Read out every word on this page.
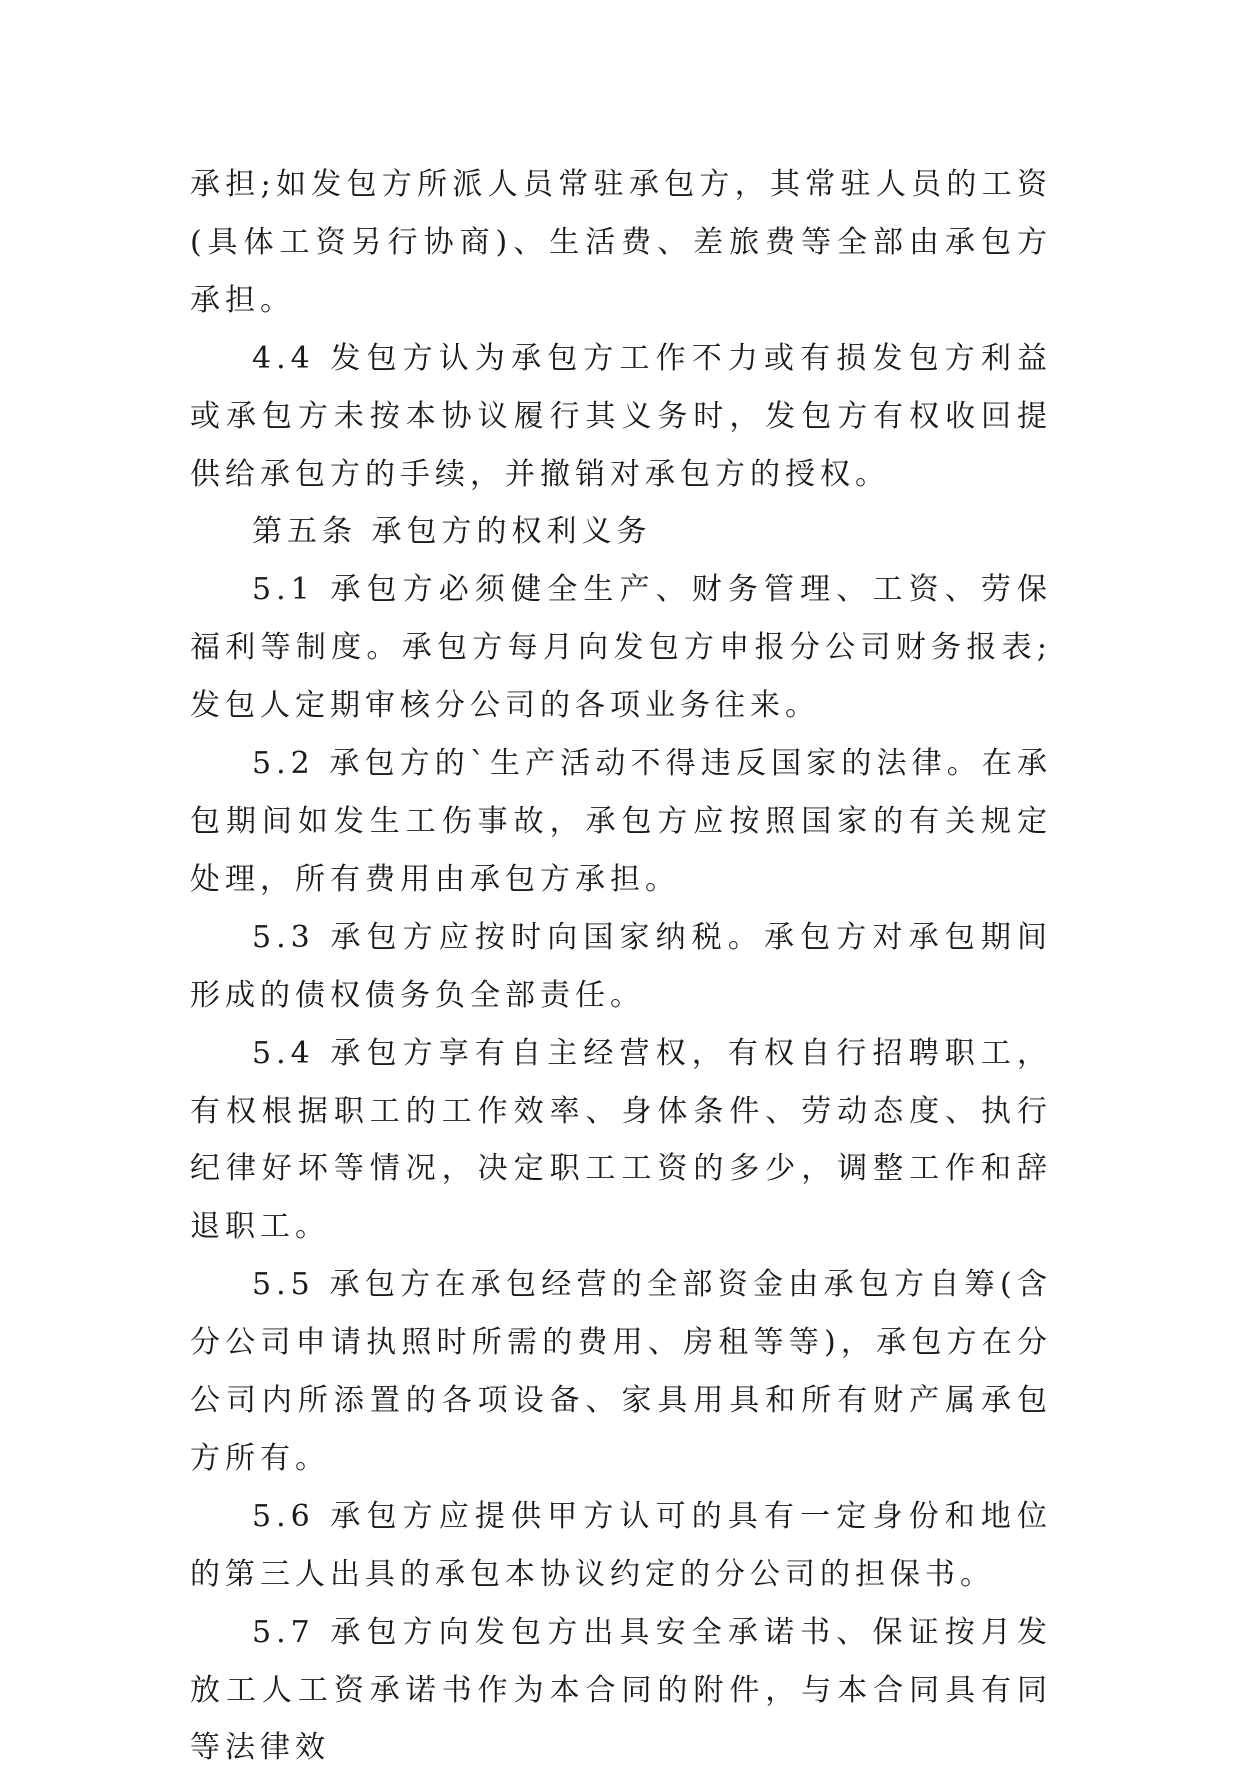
承担;如发包方所派人员常驻承包方，其常驻人员的工资(具体工资另行协商)、生活费、差旅费等全部由承包方承担。

4.4 发包方认为承包方工作不力或有损发包方利益或承包方未按本协议履行其义务时，发包方有权收回提供给承包方的手续，并撤销对承包方的授权。

第五条 承包方的权利义务

5.1 承包方必须健全生产、财务管理、工资、劳保福利等制度。承包方每月向发包方申报分公司财务报表;发包人定期审核分公司的各项业务往来。

5.2 承包方的`生产活动不得违反国家的法律。在承包期间如发生工伤事故，承包方应按照国家的有关规定处理，所有费用由承包方承担。

5.3 承包方应按时向国家纳税。承包方对承包期间形成的债权债务负全部责任。

5.4 承包方享有自主经营权，有权自行招聘职工，有权根据职工的工作效率、身体条件、劳动态度、执行纪律好坏等情况，决定职工工资的多少，调整工作和辞退职工。

5.5 承包方在承包经营的全部资金由承包方自筹(含分公司申请执照时所需的费用、房租等等)，承包方在分公司内所添置的各项设备、家具用具和所有财产属承包方所有。

5.6 承包方应提供甲方认可的具有一定身份和地位的第三人出具的承包本协议约定的分公司的担保书。

5.7 承包方向发包方出具安全承诺书、保证按月发放工人工资承诺书作为本合同的附件，与本合同具有同等法律效
